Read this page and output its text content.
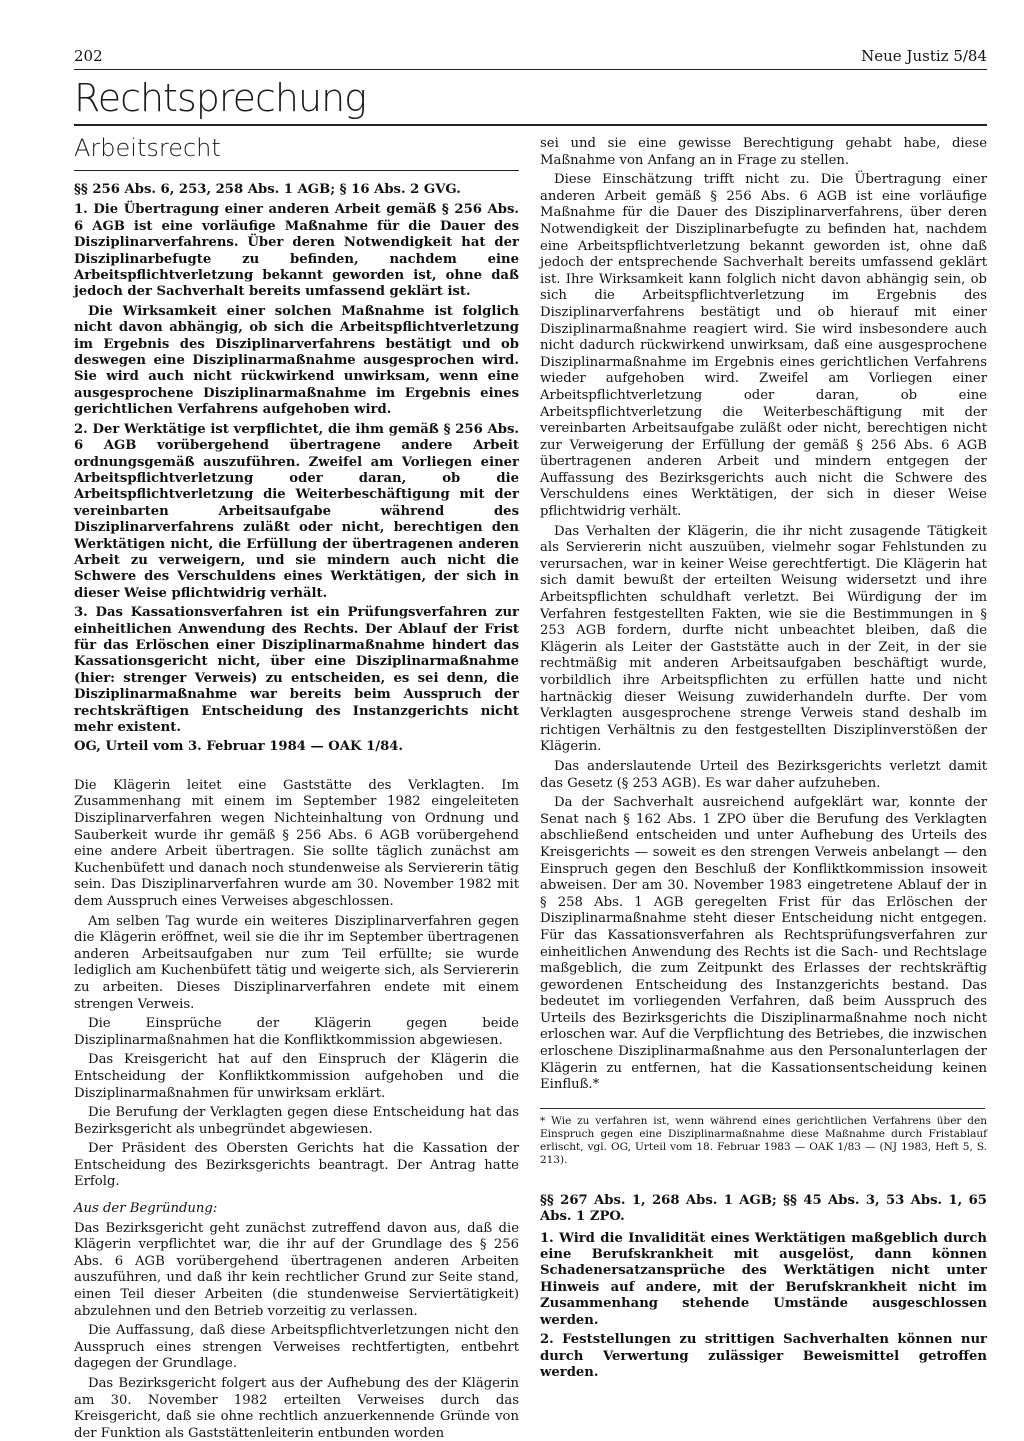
202	Neue Justiz 5/84
Rechtsprechung
Arbeitsrecht

§§ 256 Abs. 6, 253, 258 Abs. 1 AGB; § 16 Abs. 2 GVG.

1. Die Übertragung einer anderen Arbeit gemäß § 256 Abs. 6 AGB ist eine vorläufige Maßnahme für die Dauer des Disziplinarverfahrens. Über deren Notwendigkeit hat der Disziplinarbefugte zu befinden, nachdem eine Arbeitspflichtverletzung bekannt geworden ist, ohne daß jedoch der Sachverhalt bereits umfassend geklärt ist.

Die Wirksamkeit einer solchen Maßnahme ist folglich nicht davon abhängig, ob sich die Arbeitspflichtverletzung im Ergebnis des Disziplinarverfahrens bestätigt und ob deswegen eine Disziplinarmaßnahme ausgesprochen wird. Sie wird auch nicht rückwirkend unwirksam, wenn eine ausgesprochene Disziplinarmaßnahme im Ergebnis eines gerichtlichen Verfahrens aufgehoben wird.

2. Der Werktätige ist verpflichtet, die ihm gemäß § 256 Abs. 6 AGB vorübergehend übertragene andere Arbeit ordnungsgemäß auszuführen. Zweifel am Vorliegen einer Arbeitspflichtverletzung oder daran, ob die Arbeitspflichtverletzung die Weiterbeschäftigung mit der vereinbarten Arbeitsaufgabe während des Disziplinarverfahrens zuläßt oder nicht, berechtigen den Werktätigen nicht, die Erfüllung der übertragenen anderen Arbeit zu verweigern, und sie mindern auch nicht die Schwere des Verschuldens eines Werktätigen, der sich in dieser Weise pflichtwidrig verhält.

3. Das Kassationsverfahren ist ein Prüfungsverfahren zur einheitlichen Anwendung des Rechts. Der Ablauf der Frist für das Erlöschen einer Disziplinarmaßnahme hindert das Kassationsgericht nicht, über eine Disziplinarmaßnahme (hier: strenger Verweis) zu entscheiden, es sei denn, die Disziplinarmaßnahme war bereits beim Ausspruch der rechtskräftigen Entscheidung des Instanzgerichts nicht mehr existent.

OG, Urteil vom 3. Februar 1984 — OAK 1/84.

Die Klägerin leitet eine Gaststätte des Verklagten. Im Zusammenhang mit einem im September 1982 eingeleiteten Disziplinarverfahren wegen Nichteinhaltung von Ordnung und Sauberkeit wurde ihr gemäß § 256 Abs. 6 AGB vorübergehend eine andere Arbeit übertragen. Sie sollte täglich zunächst am Kuchenbüfett und danach noch stundenweise als Serviererin tätig sein. Das Disziplinarverfahren wurde am 30. November 1982 mit dem Ausspruch eines Verweises abgeschlossen.

Am selben Tag wurde ein weiteres Disziplinarverfahren gegen die Klägerin eröffnet, weil sie die ihr im September übertragenen anderen Arbeitsaufgaben nur zum Teil erfüllte; sie wurde lediglich am Kuchenbüfett tätig und weigerte sich, als Serviererin zu arbeiten. Dieses Disziplinarverfahren endete mit einem strengen Verweis.

Die Einsprüche der Klägerin gegen beide Disziplinarmaßnahmen hat die Konfliktkommission abgewiesen.

Das Kreisgericht hat auf den Einspruch der Klägerin die Entscheidung der Konfliktkommission aufgehoben und die Disziplinarmaßnahmen für unwirksam erklärt.

Die Berufung der Verklagten gegen diese Entscheidung hat das Bezirksgericht als unbegründet abgewiesen.

Der Präsident des Obersten Gerichts hat die Kassation der Entscheidung des Bezirksgerichts beantragt. Der Antrag hatte Erfolg.

Aus der Begründung:

Das Bezirksgericht geht zunächst zutreffend davon aus, daß die Klägerin verpflichtet war, die ihr auf der Grundlage des § 256 Abs. 6 AGB vorübergehend übertragenen anderen Arbeiten auszuführen, und daß ihr kein rechtlicher Grund zur Seite stand, einen Teil dieser Arbeiten (die stundenweise Serviertätigkeit) abzulehnen und den Betrieb vorzeitig zu verlassen.

Die Auffassung, daß diese Arbeitspflichtverletzungen nicht den Ausspruch eines strengen Verweises rechtfertigten, entbehrt dagegen der Grundlage.

Das Bezirksgericht folgert aus der Aufhebung des der Klägerin am 30. November 1982 erteilten Verweises durch das Kreisgericht, daß sie ohne rechtlich anzuerkennende Gründe von der Funktion als Gaststättenleiterin entbunden worden

sei und sie eine gewisse Berechtigung gehabt habe, diese Maßnahme von Anfang an in Frage zu stellen.

Diese Einschätzung trifft nicht zu. Die Übertragung einer anderen Arbeit gemäß § 256 Abs. 6 AGB ist eine vorläufige Maßnahme für die Dauer des Disziplinarverfahrens, über deren Notwendigkeit der Disziplinarbefugte zu befinden hat, nachdem eine Arbeitspflichtverletzung bekannt geworden ist, ohne daß jedoch der entsprechende Sachverhalt bereits umfassend geklärt ist. Ihre Wirksamkeit kann folglich nicht davon abhängig sein, ob sich die Arbeitspflichtverletzung im Ergebnis des Disziplinarverfahrens bestätigt und ob hierauf mit einer Disziplinarmaßnahme reagiert wird. Sie wird insbesondere auch nicht dadurch rückwirkend unwirksam, daß eine ausgesprochene Disziplinarmaßnahme im Ergebnis eines gerichtlichen Verfahrens wieder aufgehoben wird. Zweifel am Vorliegen einer Arbeitspflichtverletzung oder daran, ob eine Arbeitspflichtverletzung die Weiterbeschäftigung mit der vereinbarten Arbeitsaufgabe zuläßt oder nicht, berechtigen nicht zur Verweigerung der Erfüllung der gemäß § 256 Abs. 6 AGB übertragenen anderen Arbeit und mindern entgegen der Auffassung des Bezirksgerichts auch nicht die Schwere des Verschuldens eines Werktätigen, der sich in dieser Weise pflichtwidrig verhält.

Das Verhalten der Klägerin, die ihr nicht zusagende Tätigkeit als Serviererin nicht auszuüben, vielmehr sogar Fehlstunden zu verursachen, war in keiner Weise gerechtfertigt. Die Klägerin hat sich damit bewußt der erteilten Weisung widersetzt und ihre Arbeitspflichten schuldhaft verletzt. Bei Würdigung der im Verfahren festgestellten Fakten, wie sie die Bestimmungen in § 253 AGB fordern, durfte nicht unbeachtet bleiben, daß die Klägerin als Leiter der Gaststätte auch in der Zeit, in der sie rechtmäßig mit anderen Arbeitsaufgaben beschäftigt wurde, vorbildlich ihre Arbeitspflichten zu erfüllen hatte und nicht hartnäckig dieser Weisung zuwiderhandeln durfte. Der vom Verklagten ausgesprochene strenge Verweis stand deshalb im richtigen Verhältnis zu den festgestellten Disziplinverstößen der Klägerin.

Das anderslautende Urteil des Bezirksgerichts verletzt damit das Gesetz (§ 253 AGB). Es war daher aufzuheben.

Da der Sachverhalt ausreichend aufgeklärt war, konnte der Senat nach § 162 Abs. 1 ZPO über die Berufung des Verklagten abschließend entscheiden und unter Aufhebung des Urteils des Kreisgerichts — soweit es den strengen Verweis anbelangt — den Einspruch gegen den Beschluß der Konfliktkommission insoweit abweisen. Der am 30. November 1983 eingetretene Ablauf der in § 258 Abs. 1 AGB geregelten Frist für das Erlöschen der Disziplinarmaßnahme steht dieser Entscheidung nicht entgegen. Für das Kassationsverfahren als Rechtsprüfungsverfahren zur einheitlichen Anwendung des Rechts ist die Sach- und Rechtslage maßgeblich, die zum Zeitpunkt des Erlasses der rechtskräftig gewordenen Entscheidung des Instanzgerichts bestand. Das bedeutet im vorliegenden Verfahren, daß beim Ausspruch des Urteils des Bezirksgerichts die Disziplinarmaßnahme noch nicht erloschen war. Auf die Verpflichtung des Betriebes, die inzwischen erloschene Disziplinarmaßnahme aus den Personalunterlagen der Klägerin zu entfernen, hat die Kassationsentscheidung keinen Einfluß.*

* Wie zu verfahren ist, wenn während eines gerichtlichen Verfahrens über den Einspruch gegen eine Disziplinarmaßnahme diese Maßnahme durch Fristablauf erlischt, vgl. OG, Urteil vom 18. Februar 1983 — OAK 1/83 — (NJ 1983, Heft 5, S. 213).

§§ 267 Abs. 1, 268 Abs. 1 AGB; §§ 45 Abs. 3, 53 Abs. 1, 65 Abs. 1 ZPO.

1. Wird die Invalidität eines Werktätigen maßgeblich durch eine Berufskrankheit mit ausgelöst, dann können Schadenersatzansprüche des Werktätigen nicht unter Hinweis auf andere, mit der Berufskrankheit nicht im Zusammenhang stehende Umstände ausgeschlossen werden.

2. Feststellungen zu strittigen Sachverhalten können nur durch Verwertung zulässiger Beweismittel getroffen werden.
